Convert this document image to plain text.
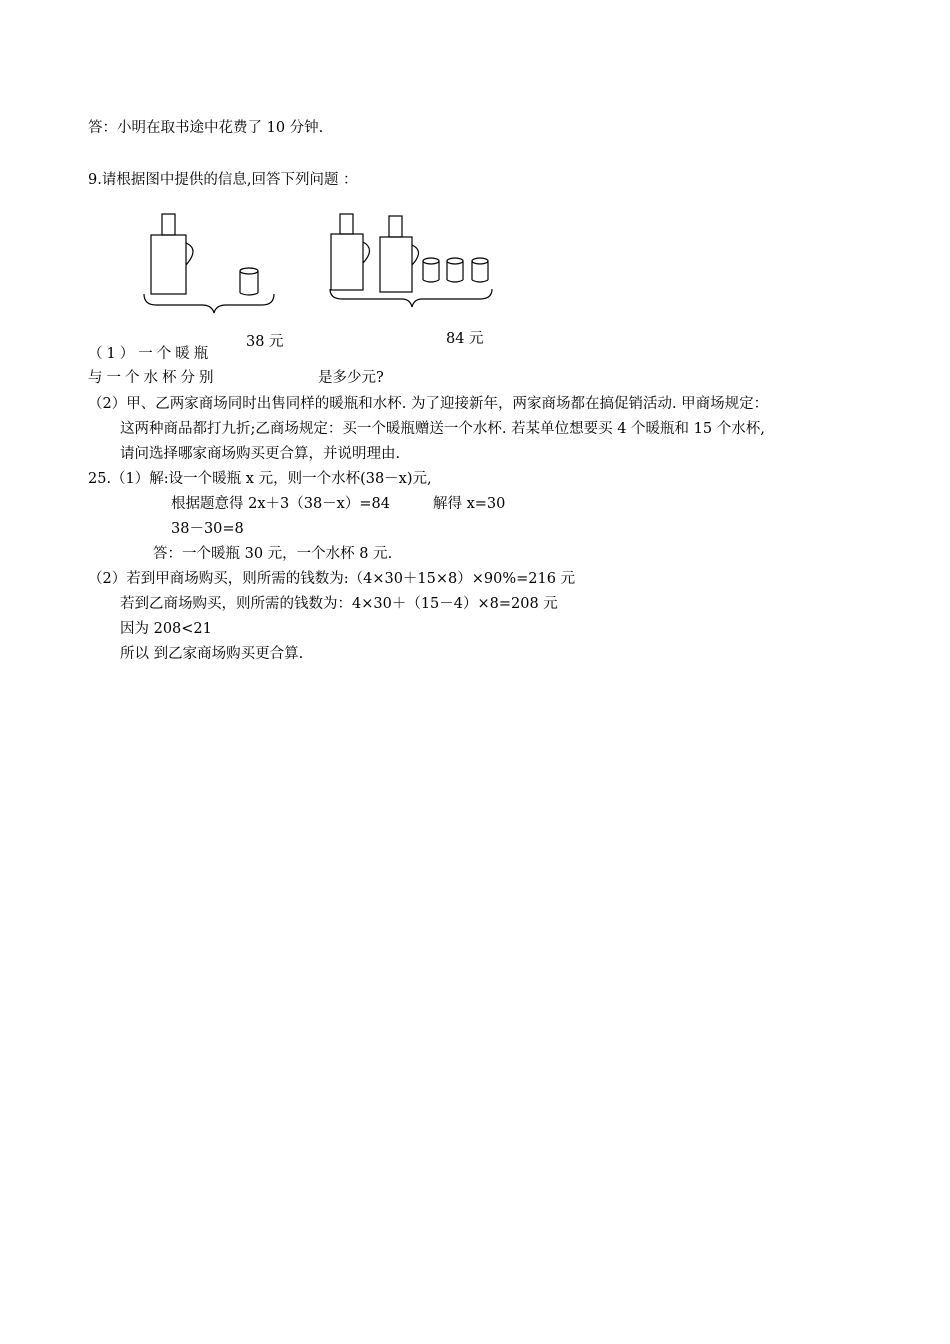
答：小明在取书途中花费了 10 分钟.
9.请根据图中提供的信息,回答下列问题 ：
38 元	84 元
（1）一个暖瓶
与一个水杯分别	是多少元?
（2）甲、乙两家商场同时出售同样的暖瓶和水杯. 为了迎接新年，两家商场都在搞促销活动. 甲商场规定：
这两种商品都打九折;乙商场规定：买一个暖瓶赠送一个水杯. 若某单位想要买 4 个暖瓶和 15 个水杯,
请问选择哪家商场购买更合算，并说明理由.
25.（1）解:设一个暖瓶 x 元，则一个水杯(38－x)元,
根据题意得 2x＋3（38－x）=84	解得 x=30
38－30=8
答：一个暖瓶 30 元，一个水杯 8 元.
（2）若到甲商场购买，则所需的钱数为:（4×30＋15×8）×90%=216 元
若到乙商场购买，则所需的钱数为：4×30＋（15－4）×8=208 元
因为 208<21
所以 到乙家商场购买更合算.
